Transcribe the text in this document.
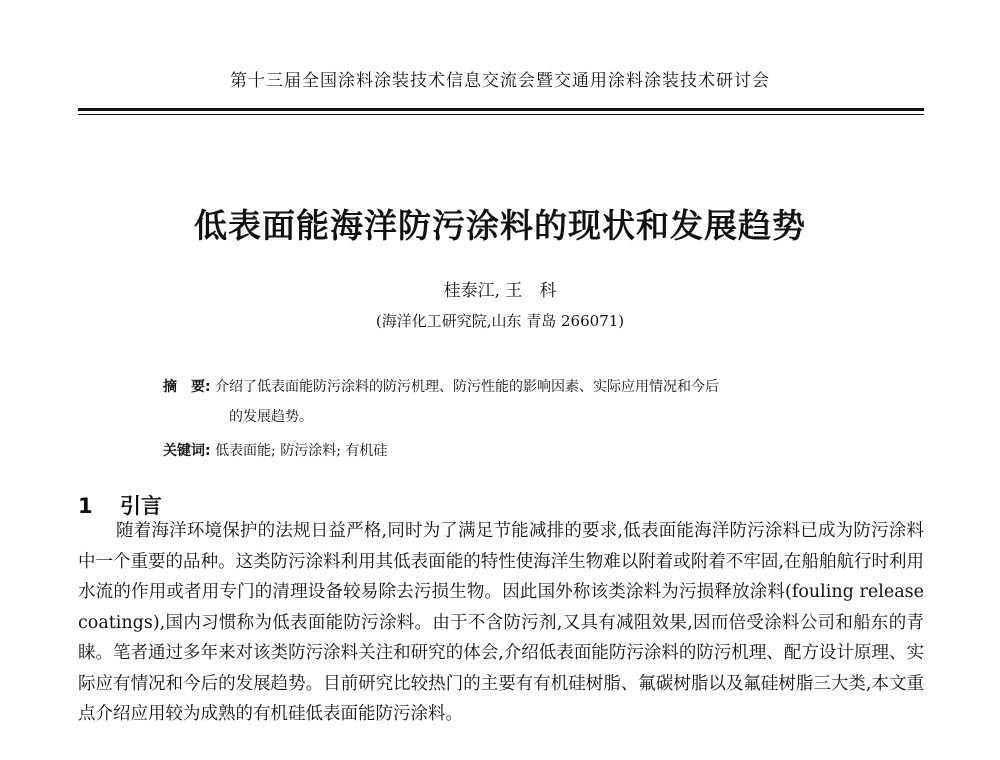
第十三届全国涂料涂装技术信息交流会暨交通用涂料涂装技术研讨会
低表面能海洋防污涂料的现状和发展趋势
桂泰江, 王　科
(海洋化工研究院,山东 青岛 266071)
摘　要: 介绍了低表面能防污涂料的防污机理、防污性能的影响因素、实际应用情况和今后
的发展趋势。
关键词: 低表面能; 防污涂料; 有机硅
1 引言

随着海洋环境保护的法规日益严格,同时为了满足节能减排的要求,低表面能海洋防污涂料已成为防污涂料中一个重要的品种。这类防污涂料利用其低表面能的特性使海洋生物难以附着或附着不牢固,在船舶航行时利用水流的作用或者用专门的清理设备较易除去污损生物。因此国外称该类涂料为污损释放涂料(fouling release coatings),国内习惯称为低表面能防污涂料。由于不含防污剂,又具有减阻效果,因而倍受涂料公司和船东的青睐。笔者通过多年来对该类防污涂料关注和研究的体会,介绍低表面能防污涂料的防污机理、配方设计原理、实际应有情况和今后的发展趋势。目前研究比较热门的主要有有机硅树脂、氟碳树脂以及氟硅树脂三大类,本文重点介绍应用较为成熟的有机硅低表面能防污涂料。
